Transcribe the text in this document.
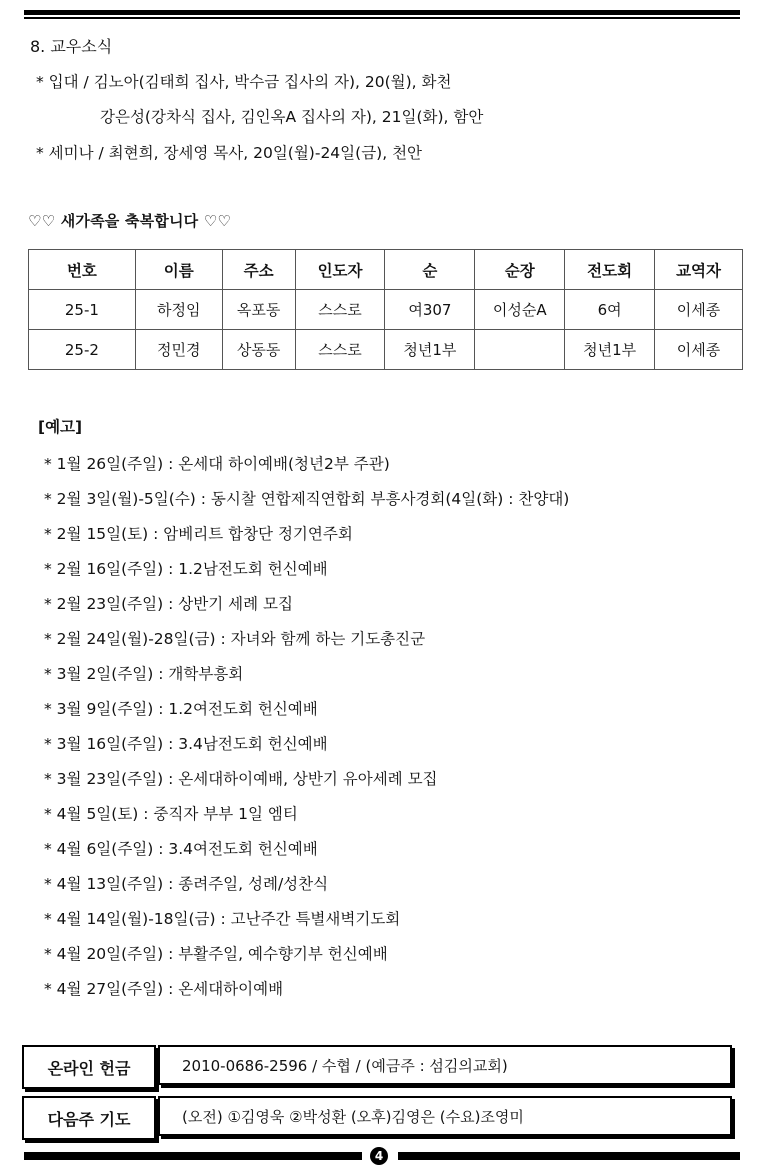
8. 교우소식
* 입대 / 김노아(김태희 집사, 박수금 집사의 자), 20(월), 화천
강은성(강차식 집사, 김인옥A 집사의 자), 21일(화), 함안
* 세미나 / 최현희, 장세영 목사, 20일(월)-24일(금), 천안
♡♡ 새가족을 축복합니다 ♡♡
번호	이름	주소	인도자	순	순장	전도회	교역자
25-1	하정임	옥포동	스스로	여307	이성순A	6여	이세종
25-2	정민경	상동동	스스로	청년1부		청년1부	이세종
[예고]
* 1월 26일(주일) : 온세대 하이예배(청년2부 주관)
* 2월 3일(월)-5일(수) : 동시찰 연합제직연합회 부흥사경회(4일(화) : 찬양대)
* 2월 15일(토) : 암베리트 합창단 정기연주회
* 2월 16일(주일) : 1.2남전도회 헌신예배
* 2월 23일(주일) : 상반기 세례 모집
* 2월 24일(월)-28일(금) : 자녀와 함께 하는 기도총진군
* 3월 2일(주일) : 개학부흥회
* 3월 9일(주일) : 1.2여전도회 헌신예배
* 3월 16일(주일) : 3.4남전도회 헌신예배
* 3월 23일(주일) : 온세대하이예배, 상반기 유아세례 모집
* 4월 5일(토) : 중직자 부부 1일 엠티
* 4월 6일(주일) : 3.4여전도회 헌신예배
* 4월 13일(주일) : 종려주일, 성례/성찬식
* 4월 14일(월)-18일(금) : 고난주간 특별새벽기도회
* 4월 20일(주일) : 부활주일, 예수향기부 헌신예배
* 4월 27일(주일) : 온세대하이예배
온라인 헌금	2010-0686-2596 / 수협 / (예금주 : 섬김의교회)
다음주 기도	(오전) ①김영욱 ②박성환 (오후)김영은 (수요)조영미
4
